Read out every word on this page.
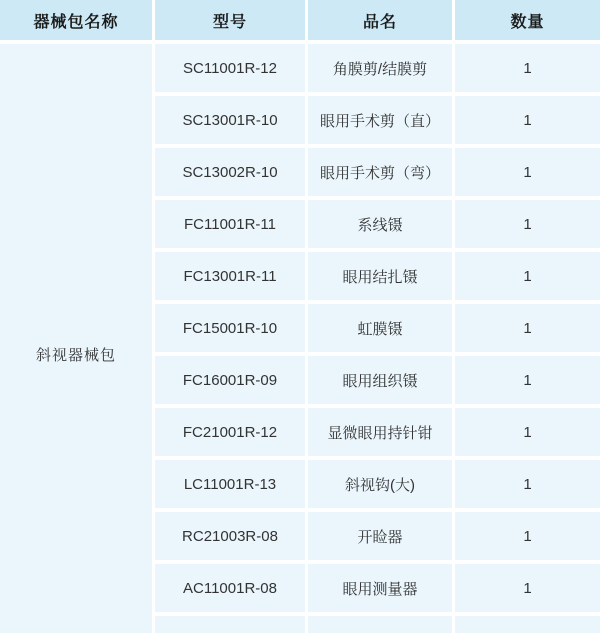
器械包名称	型号	品名	数量
斜视器械包
SC11001R-12	角膜剪/结膜剪	1
SC13001R-10	眼用手术剪（直）	1
SC13002R-10	眼用手术剪（弯）	1
FC11001R-11	系线镊	1
FC13001R-11	眼用结扎镊	1
FC15001R-10	虹膜镊	1
FC16001R-09	眼用组织镊	1
FC21001R-12	显微眼用持针钳	1
LC11001R-13	斜视钩(大)	1
RC21003R-08	开睑器	1
AC11001R-08	眼用测量器	1
